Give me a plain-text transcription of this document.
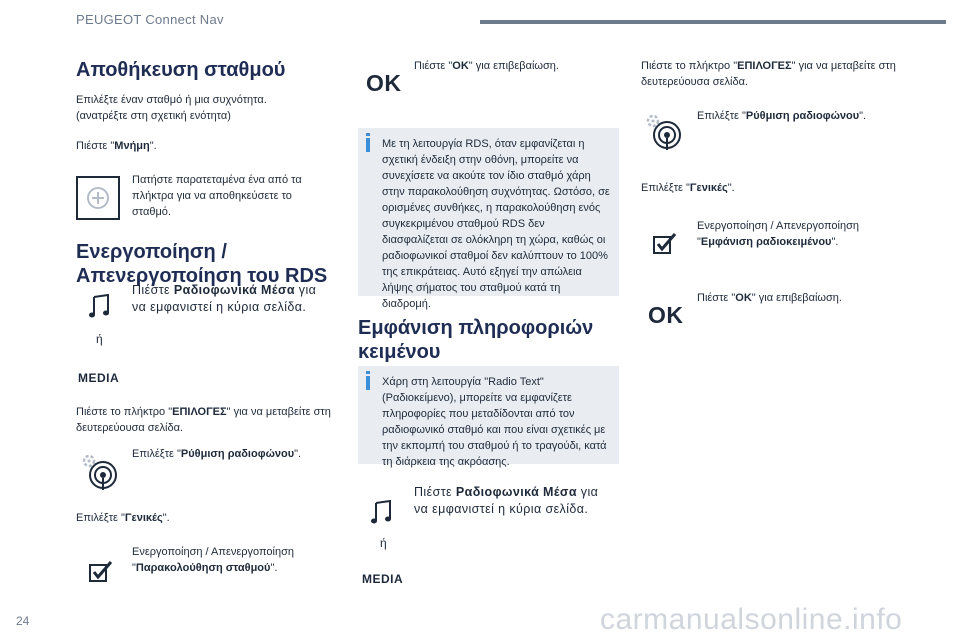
PEUGEOT Connect Nav
Αποθήκευση σταθμού
Επιλέξτε έναν σταθμό ή μια συχνότητα.
(ανατρέξτε στη σχετική ενότητα)
Πιέστε "Μνήμη".
Πατήστε παρατεταμένα ένα από τα πλήκτρα για να αποθηκεύσετε το σταθμό.
Ενεργοποίηση /
Απενεργοποίηση του RDS
Πιέστε Ραδιοφωνικά Μέσα για να εμφανιστεί η κύρια σελίδα.
ή
MEDIA
Πιέστε το πλήκτρο "ΕΠΙΛΟΓΕΣ" για να μεταβείτε στη δευτερεύουσα σελίδα.
Επιλέξτε "Ρύθμιση ραδιοφώνου".
Επιλέξτε "Γενικές".
Ενεργοποίηση / Απενεργοποίηση "Παρακολούθηση σταθμού".
OK
Πιέστε "OK" για επιβεβαίωση.
Με τη λειτουργία RDS, όταν εμφανίζεται η σχετική ένδειξη στην οθόνη, μπορείτε να συνεχίσετε να ακούτε τον ίδιο σταθμό χάρη στην παρακολούθηση συχνότητας. Ωστόσο, σε ορισμένες συνθήκες, η παρακολούθηση ενός συγκεκριμένου σταθμού RDS δεν διασφαλίζεται σε ολόκληρη τη χώρα, καθώς οι ραδιοφωνικοί σταθμοί δεν καλύπτουν το 100% της επικράτειας. Αυτό εξηγεί την απώλεια λήψης σήματος του σταθμού κατά τη διαδρομή.
Εμφάνιση πληροφοριών
κειμένου
Χάρη στη λειτουργία "Radio Text" (Ραδιοκείμενο), μπορείτε να εμφανίζετε πληροφορίες που μεταδίδονται από τον ραδιοφωνικό σταθμό και που είναι σχετικές με την εκπομπή του σταθμού ή το τραγούδι, κατά τη διάρκεια της ακρόασης.
Πιέστε Ραδιοφωνικά Μέσα για να εμφανιστεί η κύρια σελίδα.
ή
MEDIA
Πιέστε το πλήκτρο "ΕΠΙΛΟΓΕΣ" για να μεταβείτε στη δευτερεύουσα σελίδα.
Επιλέξτε "Ρύθμιση ραδιοφώνου".
Επιλέξτε "Γενικές".
Ενεργοποίηση / Απενεργοποίηση "Εμφάνιση ραδιοκειμένου".
OK
Πιέστε "OK" για επιβεβαίωση.
24	carmanualsonline.info
